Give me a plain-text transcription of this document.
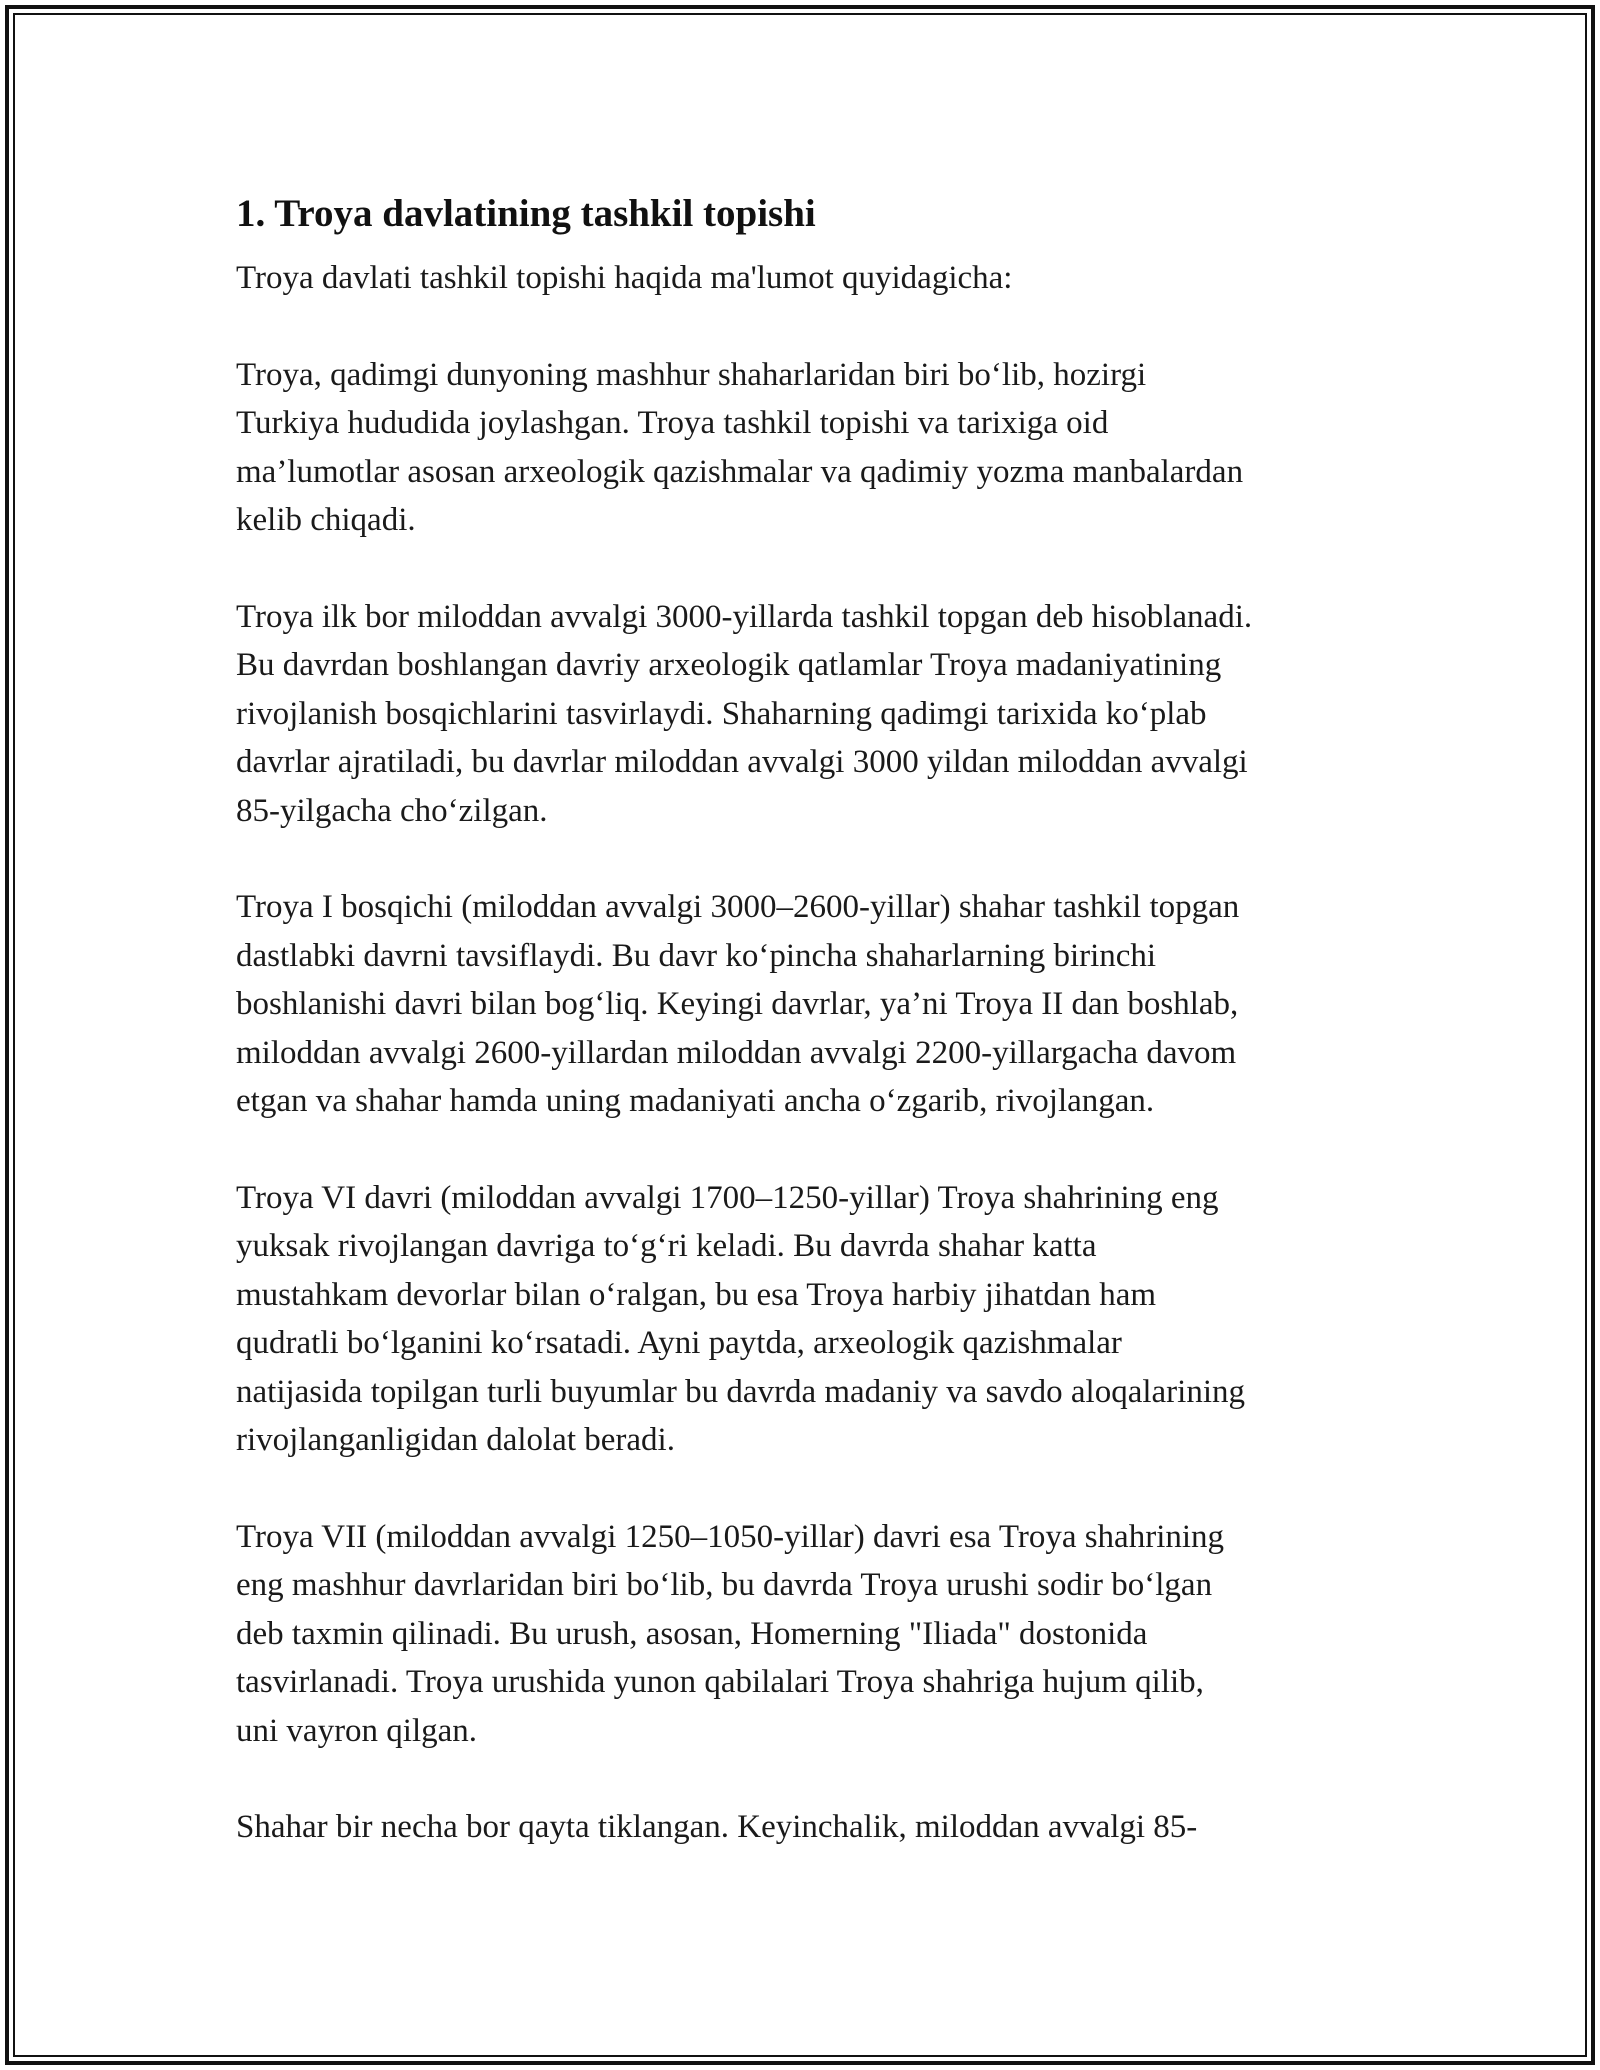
1. Troya davlatining tashkil topishi

Troya davlati tashkil topishi haqida ma'lumot quyidagicha:

Troya, qadimgi dunyoning mashhur shaharlaridan biri bo‘lib, hozirgi
Turkiya hududida joylashgan. Troya tashkil topishi va tarixiga oid
ma’lumotlar asosan arxeologik qazishmalar va qadimiy yozma manbalardan
kelib chiqadi.

Troya ilk bor miloddan avvalgi 3000-yillarda tashkil topgan deb hisoblanadi.
Bu davrdan boshlangan davriy arxeologik qatlamlar Troya madaniyatining
rivojlanish bosqichlarini tasvirlaydi. Shaharning qadimgi tarixida ko‘plab
davrlar ajratiladi, bu davrlar miloddan avvalgi 3000 yildan miloddan avvalgi
85-yilgacha cho‘zilgan.

Troya I bosqichi (miloddan avvalgi 3000–2600-yillar) shahar tashkil topgan
dastlabki davrni tavsiflaydi. Bu davr ko‘pincha shaharlarning birinchi
boshlanishi davri bilan bog‘liq. Keyingi davrlar, ya’ni Troya II dan boshlab,
miloddan avvalgi 2600-yillardan miloddan avvalgi 2200-yillargacha davom
etgan va shahar hamda uning madaniyati ancha o‘zgarib, rivojlangan.

Troya VI davri (miloddan avvalgi 1700–1250-yillar) Troya shahrining eng
yuksak rivojlangan davriga to‘g‘ri keladi. Bu davrda shahar katta
mustahkam devorlar bilan o‘ralgan, bu esa Troya harbiy jihatdan ham
qudratli bo‘lganini ko‘rsatadi. Ayni paytda, arxeologik qazishmalar
natijasida topilgan turli buyumlar bu davrda madaniy va savdo aloqalarining
rivojlanganligidan dalolat beradi.

Troya VII (miloddan avvalgi 1250–1050-yillar) davri esa Troya shahrining
eng mashhur davrlaridan biri bo‘lib, bu davrda Troya urushi sodir bo‘lgan
deb taxmin qilinadi. Bu urush, asosan, Homerning "Iliada" dostonida
tasvirlanadi. Troya urushida yunon qabilalari Troya shahriga hujum qilib,
uni vayron qilgan.

Shahar bir necha bor qayta tiklangan. Keyinchalik, miloddan avvalgi 85-
